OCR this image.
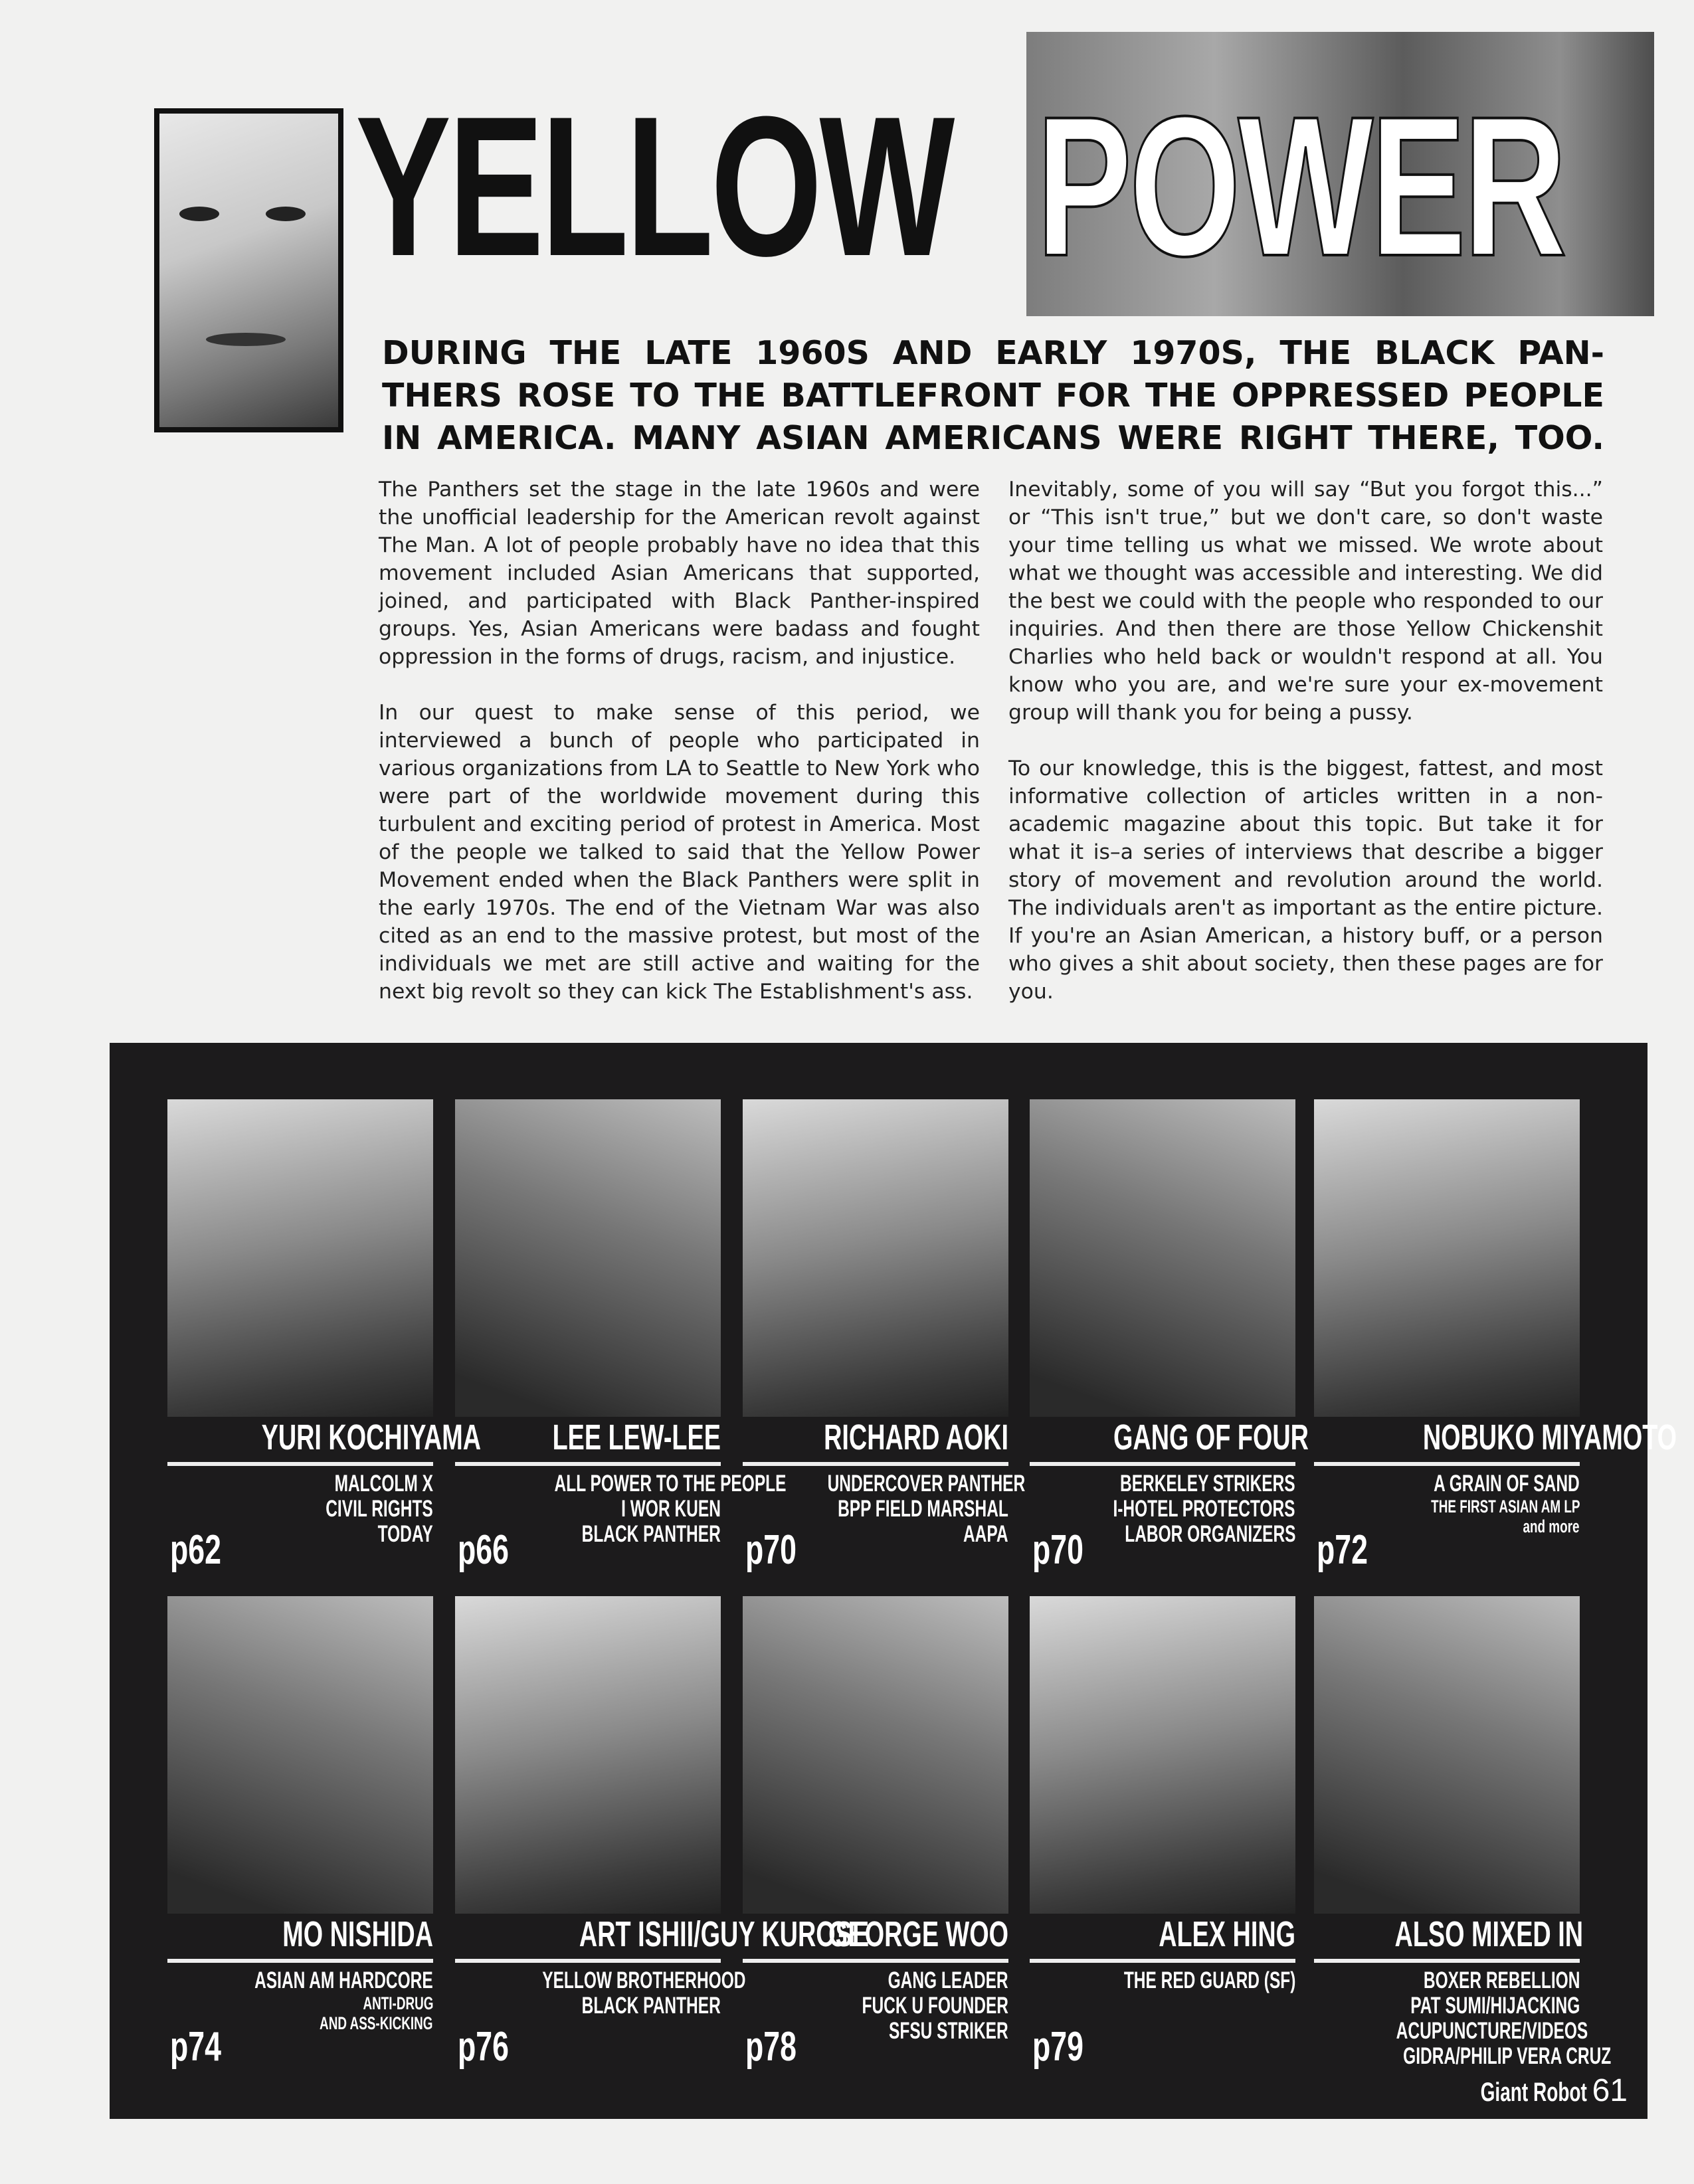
YELLOW POWER
DURING THE LATE 1960S AND EARLY 1970S, THE BLACK PAN-
THERS ROSE TO THE BATTLEFRONT FOR THE OPPRESSED PEOPLE
IN AMERICA. MANY ASIAN AMERICANS WERE RIGHT THERE, TOO.

The Panthers set the stage in the late 1960s and were the unofficial leadership for the American revolt against The Man. A lot of people probably have no idea that this movement included Asian Americans that supported, joined, and participated with Black Panther-inspired groups. Yes, Asian Americans were badass and fought oppression in the forms of drugs, racism, and injustice.

In our quest to make sense of this period, we interviewed a bunch of people who participated in various organizations from LA to Seattle to New York who were part of the worldwide movement during this turbulent and exciting period of protest in America. Most of the people we talked to said that the Yellow Power Movement ended when the Black Panthers were split in the early 1970s. The end of the Vietnam War was also cited as an end to the massive protest, but most of the individuals we met are still active and waiting for the next big revolt so they can kick The Establishment's ass.

Inevitably, some of you will say “But you forgot this...” or “This isn't true,” but we don't care, so don't waste your time telling us what we missed. We wrote about what we thought was accessible and interesting. We did the best we could with the people who responded to our inquiries. And then there are those Yellow Chickenshit Charlies who held back or wouldn't respond at all. You know who you are, and we're sure your ex-movement group will thank you for being a pussy.

To our knowledge, this is the biggest, fattest, and most informative collection of articles written in a non-academic magazine about this topic. But take it for what it is–a series of interviews that describe a bigger story of movement and revolution around the world. The individuals aren't as important as the entire picture. If you're an Asian American, a history buff, or a person who gives a shit about society, then these pages are for you.

YURI KOCHIYAMA
MALCOLM X
CIVIL RIGHTS
TODAY
p62
LEE LEW-LEE
ALL POWER TO THE PEOPLE
I WOR KUEN
BLACK PANTHER
p66
RICHARD AOKI
UNDERCOVER PANTHER
BPP FIELD MARSHAL
AAPA
p70
GANG OF FOUR
BERKELEY STRIKERS
I-HOTEL PROTECTORS
LABOR ORGANIZERS
p70
NOBUKO MIYAMOTO
A GRAIN OF SAND
THE FIRST ASIAN AM LP
and more
p72
MO NISHIDA
ASIAN AM HARDCORE
ANTI-DRUG
AND ASS-KICKING
p74
ART ISHII/GUY KUROSE
YELLOW BROTHERHOOD
BLACK PANTHER
p76
GEORGE WOO
GANG LEADER
FUCK U FOUNDER
SFSU STRIKER
p78
ALEX HING
THE RED GUARD (SF)
p79
ALSO MIXED IN
BOXER REBELLION
PAT SUMI/HIJACKING
ACUPUNCTURE/VIDEOS
GIDRA/PHILIP VERA CRUZ
Giant Robot 61
